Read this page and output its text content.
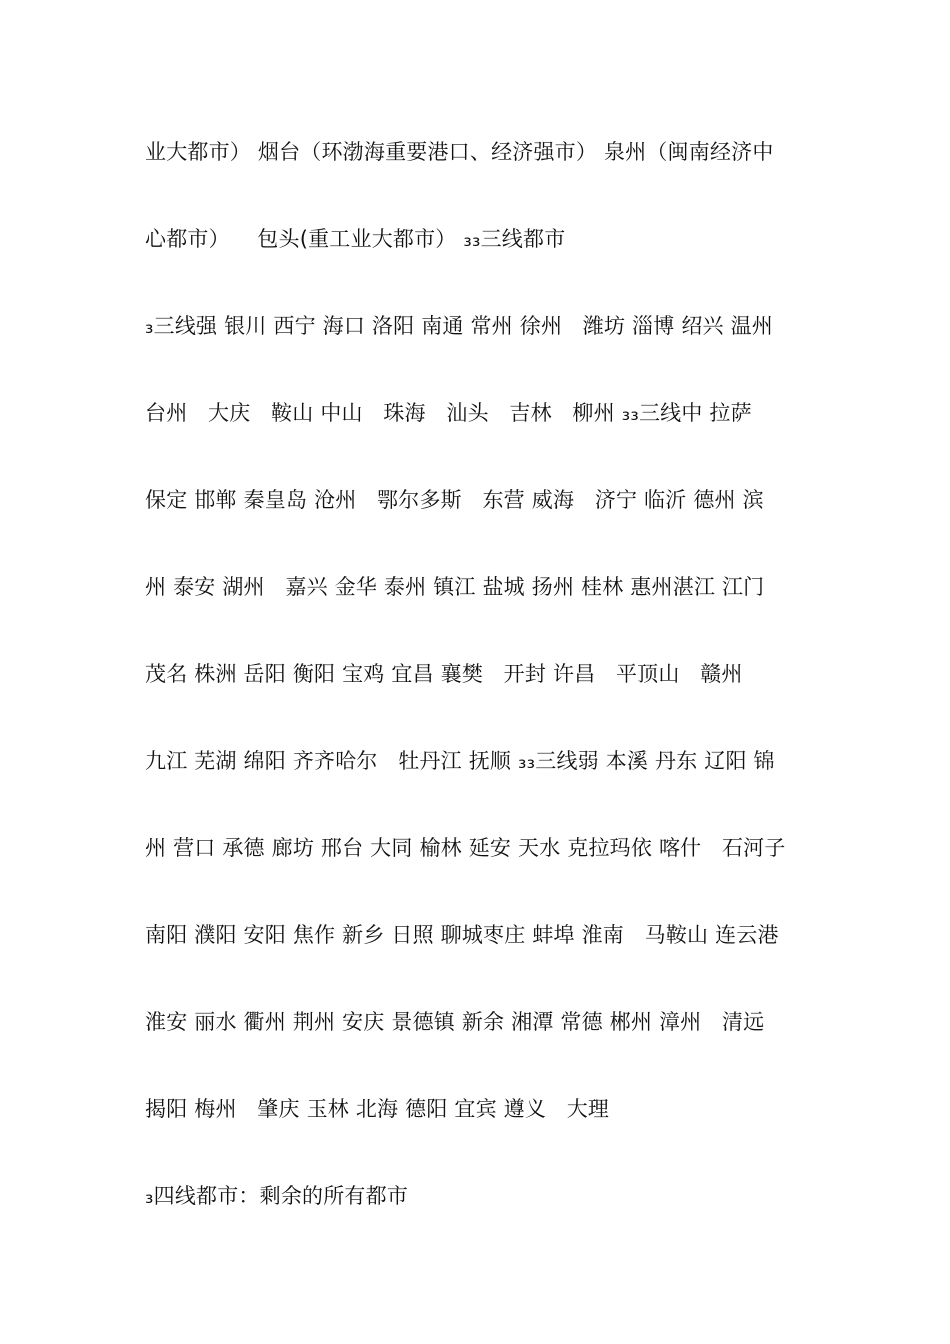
业大都市） 烟台（环渤海重要港口、经济强市） 泉州（闽南经济中
心都市）    包头(重工业大都市） ₃₃三线都市
₃三线强 银川 西宁 海口 洛阳 南通 常州 徐州   潍坊 淄博 绍兴 温州
台州   大庆   鞍山 中山   珠海   汕头   吉林   柳州 ₃₃三线中 拉萨
保定 邯郸 秦皇岛 沧州   鄂尔多斯   东营 威海   济宁 临沂 德州 滨
州 泰安 湖州   嘉兴 金华 泰州 镇江 盐城 扬州 桂林 惠州湛江 江门
茂名 株洲 岳阳 衡阳 宝鸡 宜昌 襄樊   开封 许昌   平顶山   赣州
九江 芜湖 绵阳 齐齐哈尔   牡丹江 抚顺 ₃₃三线弱 本溪 丹东 辽阳 锦
州 营口 承德 廊坊 邢台 大同 榆林 延安 天水 克拉玛依 喀什   石河子
南阳 濮阳 安阳 焦作 新乡 日照 聊城枣庄 蚌埠 淮南   马鞍山 连云港
淮安 丽水 衢州 荆州 安庆 景德镇 新余 湘潭 常德 郴州 漳州   清远
揭阳 梅州   肇庆 玉林 北海 德阳 宜宾 遵义   大理
₃四线都市：剩余的所有都市
